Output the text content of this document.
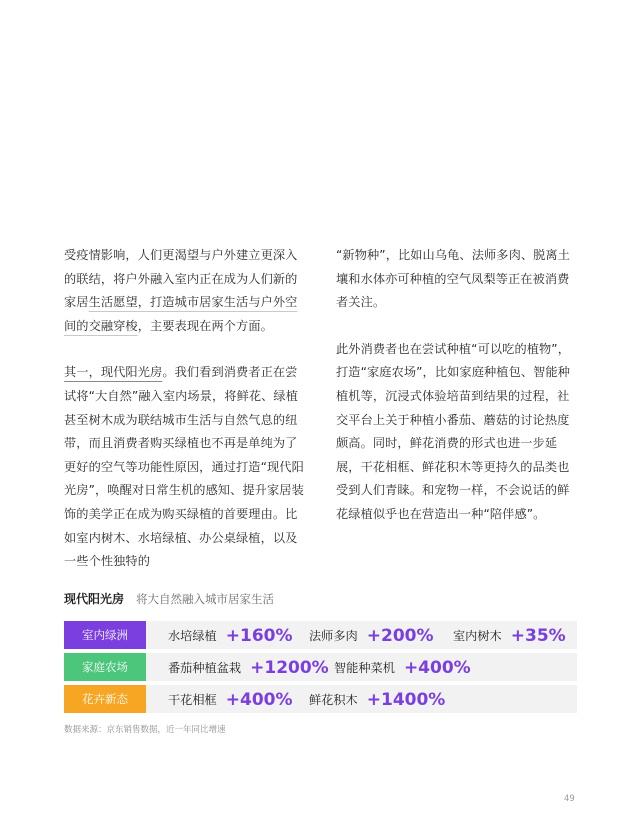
受疫情影响，人们更渴望与户外建立更深入的联结，将户外融入室内正在成为人们新的家居生活愿望，打造城市居家生活与户外空间的交融穿梭，主要表现在两个方面。

其一，现代阳光房。我们看到消费者正在尝试将“大自然”融入室内场景，将鲜花、绿植甚至树木成为联结城市生活与自然气息的纽带，而且消费者购买绿植也不再是单纯为了更好的空气等功能性原因，通过打造“现代阳光房”，唤醒对日常生机的感知、提升家居装饰的美学正在成为购买绿植的首要理由。比如室内树木、水培绿植、办公桌绿植，以及一些个性独特的

“新物种”，比如山乌龟、法师多肉、脱离土壤和水体亦可种植的空气凤梨等正在被消费者关注。

此外消费者也在尝试种植“可以吃的植物”，打造“家庭农场”，比如家庭种植包、智能种植机等，沉浸式体验培苗到结果的过程，社交平台上关于种植小番茄、蘑菇的讨论热度颇高。同时，鲜花消费的形式也进一步延展，干花相框、鲜花积木等更持久的品类也受到人们青睐。和宠物一样，不会说话的鲜花绿植似乎也在营造出一种“陪伴感”。

现代阳光房 将大自然融入城市居家生活
室内绿洲	水培绿植 +160% 法师多肉 +200% 室内树木 +35%
家庭农场	番茄种植盆栽 +1200% 智能种菜机 +400%
花卉新态	干花相框 +400% 鲜花积木 +1400%
数据来源：京东销售数据，近一年同比增速
49
